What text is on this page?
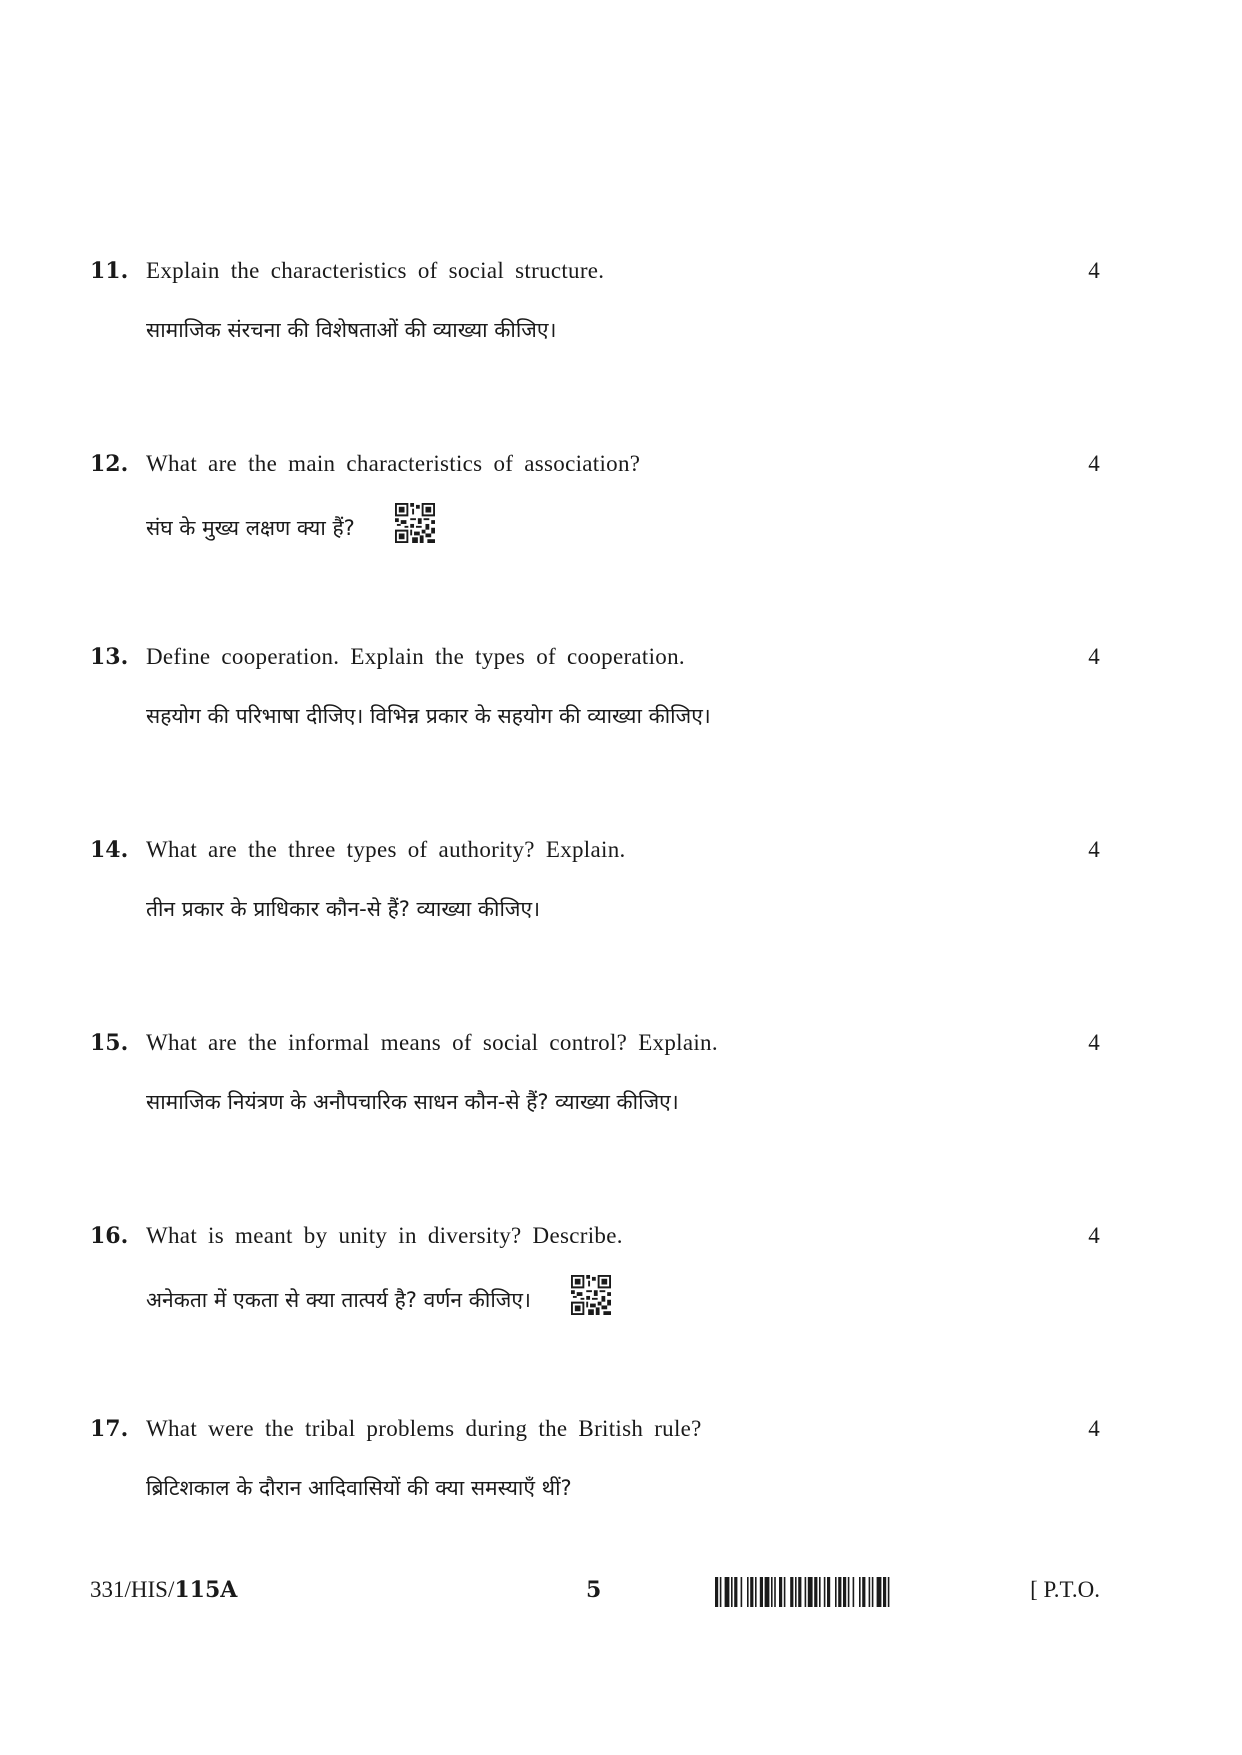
11. Explain the characteristics of social structure.	4
सामाजिक संरचना की विशेषताओं की व्याख्या कीजिए।
12. What are the main characteristics of association?	4
संघ के मुख्य लक्षण क्या हैं?
13. Define cooperation. Explain the types of cooperation.	4
सहयोग की परिभाषा दीजिए। विभिन्न प्रकार के सहयोग की व्याख्या कीजिए।
14. What are the three types of authority? Explain.	4
तीन प्रकार के प्राधिकार कौन-से हैं? व्याख्या कीजिए।
15. What are the informal means of social control? Explain.	4
सामाजिक नियंत्रण के अनौपचारिक साधन कौन-से हैं? व्याख्या कीजिए।
16. What is meant by unity in diversity? Describe.	4
अनेकता में एकता से क्या तात्पर्य है? वर्णन कीजिए।
17. What were the tribal problems during the British rule?	4
ब्रिटिशकाल के दौरान आदिवासियों की क्या समस्याएँ थीं?
331/HIS/115A	5	[ P.T.O.
